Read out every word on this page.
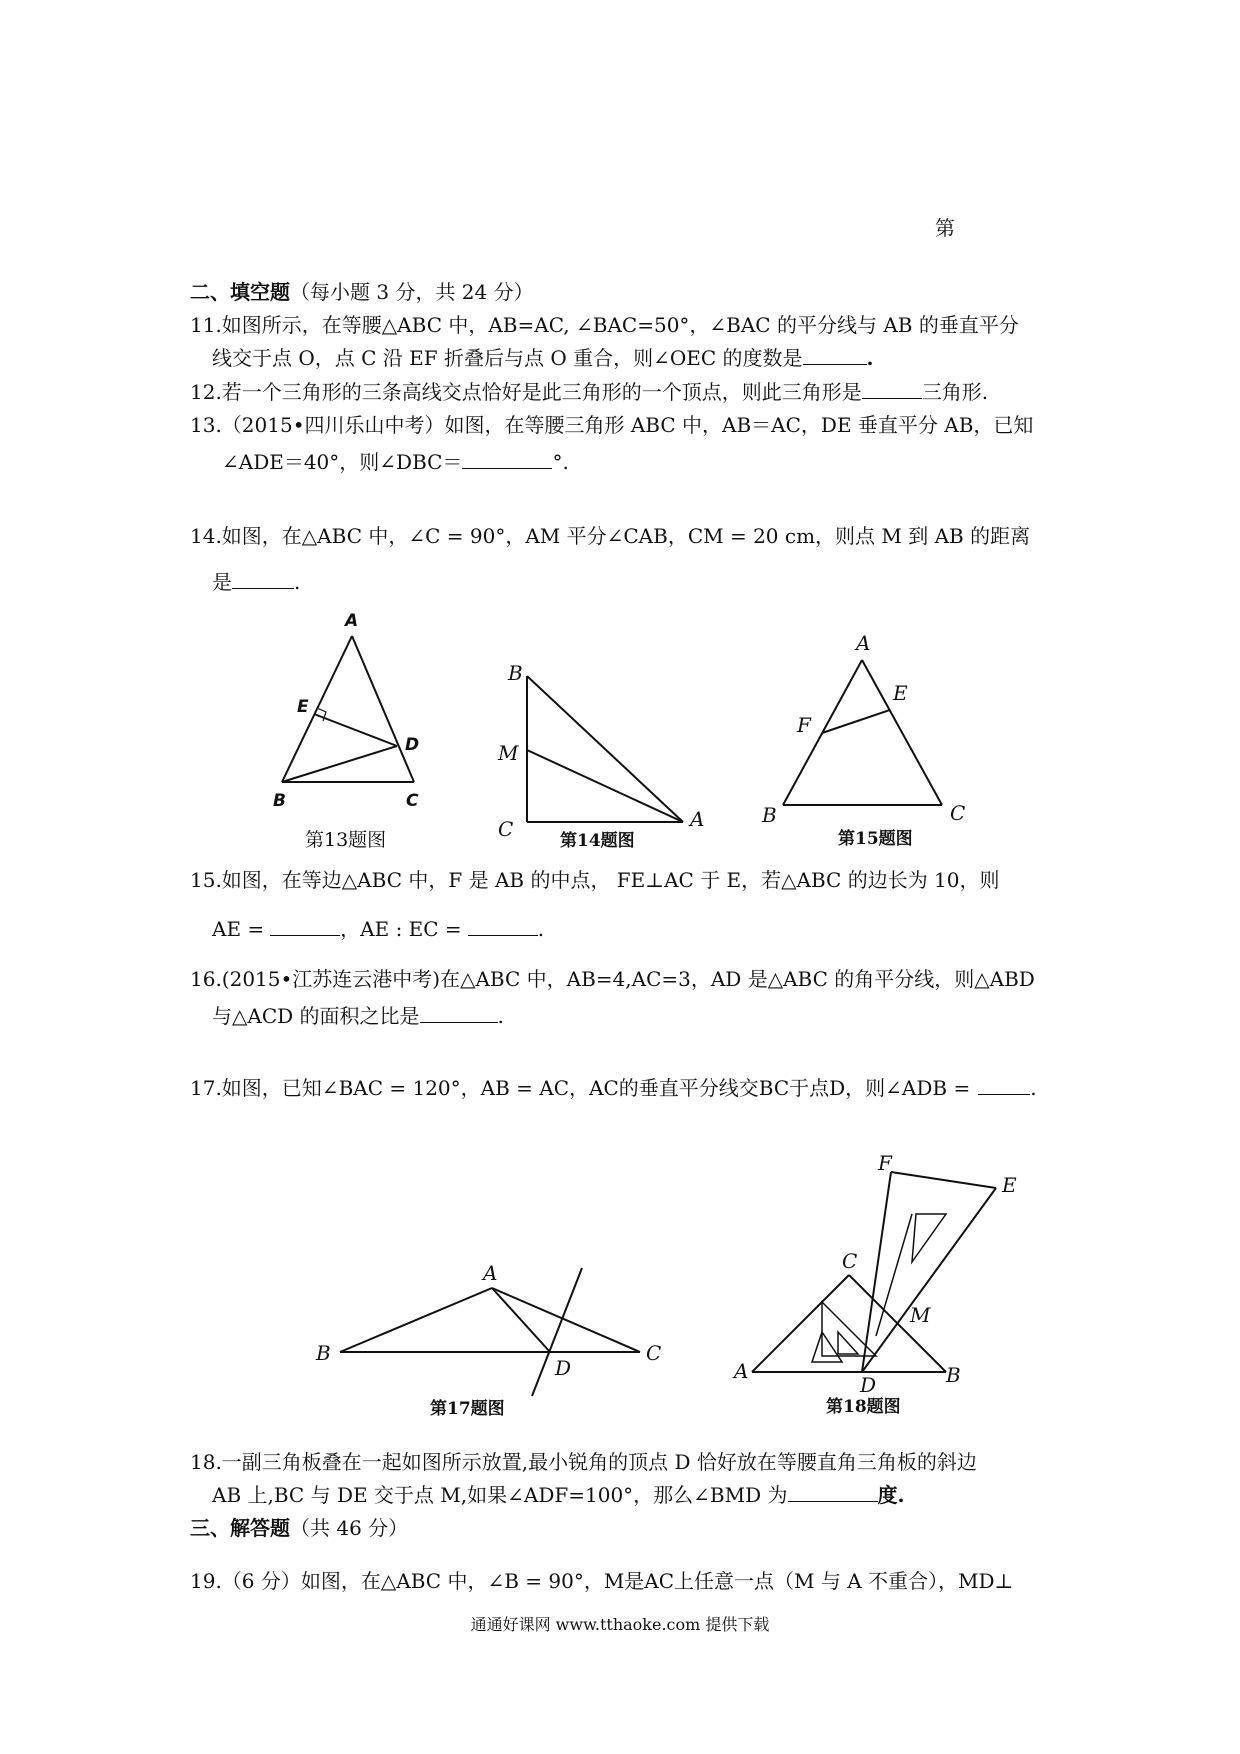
第
二、填空题（每小题 3 分，共 24 分）
11.如图所示，在等腰△ABC 中，AB=AC, ∠BAC=50°，∠BAC 的平分线与 AB 的垂直平分
线交于点 O，点 C 沿 EF 折叠后与点 O 重合，则∠OEC 的度数是	.
12.若一个三角形的三条高线交点恰好是此三角形的一个顶点，则此三角形是	三角形.
13.（2015•四川乐山中考）如图，在等腰三角形 ABC 中，AB＝AC，DE 垂直平分 AB，已知
∠ADE＝40°，则∠DBC＝	°.
14.如图，在△ABC 中，∠C = 90°，AM 平分∠CAB，CM = 20 cm，则点 M 到 AB 的距离
是	.
A
E
D
B	C
第13题图
B
M
C	A
第14题图
A
E
F
B	C
第15题图
15.如图，在等边△ABC 中，F 是 AB 的中点， FE⊥AC 于 E，若△ABC 的边长为 10，则
AE =	，AE : EC =	.
16.(2015•江苏连云港中考)在△ABC 中，AB=4,AC=3，AD 是△ABC 的角平分线，则△ABD
与△ACD 的面积之比是	.
17.如图，已知∠BAC = 120°，AB = AC，AC的垂直平分线交BC于点D，则∠ADB =	.
A
B	C
D
第17题图
F
E
C
M
A
D	B
第18题图
18.一副三角板叠在一起如图所示放置,最小锐角的顶点 D 恰好放在等腰直角三角板的斜边
AB 上,BC 与 DE 交于点 M,如果∠ADF=100°，那么∠BMD 为	度.
三、解答题（共 46 分）
19.（6 分）如图，在△ABC 中，∠B = 90°，M是AC上任意一点（M 与 A 不重合），MD⊥
通通好课网 www.tthaoke.com 提供下载
